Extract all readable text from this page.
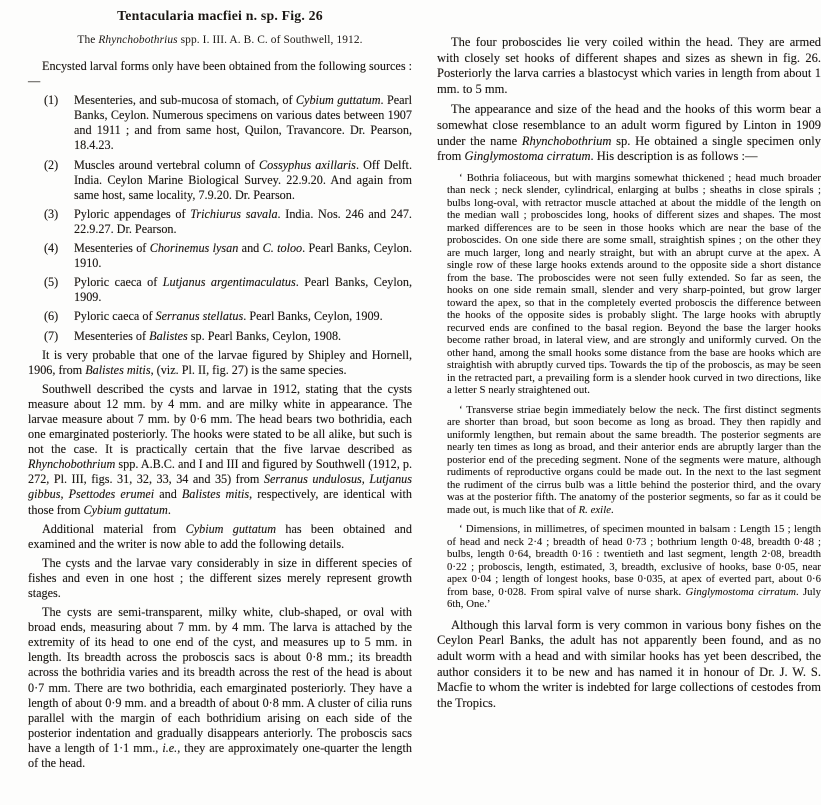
Tentacularia macfiei n. sp. Fig. 26

The Rhynchobothrius spp. I. III. A. B. C. of Southwell, 1912.

Encysted larval forms only have been obtained from the following sources :—

(1)	Mesenteries, and sub-mucosa of stomach, of Cybium guttatum. Pearl Banks, Ceylon. Numerous specimens on various dates between 1907 and 1911 ; and from same host, Quilon, Travancore. Dr. Pearson, 18.4.23.
(2)	Muscles around vertebral column of Cossyphus axillaris. Off Delft. India. Ceylon Marine Biological Survey. 22.9.20. And again from same host, same locality, 7.9.20. Dr. Pearson.
(3)	Pyloric appendages of Trichiurus savala. India. Nos. 246 and 247. 22.9.27. Dr. Pearson.
(4)	Mesenteries of Chorinemus lysan and C. toloo. Pearl Banks, Ceylon. 1910.
(5)	Pyloric caeca of Lutjanus argentimaculatus. Pearl Banks, Ceylon, 1909.
(6)	Pyloric caeca of Serranus stellatus. Pearl Banks, Ceylon, 1909.
(7)	Mesenteries of Balistes sp. Pearl Banks, Ceylon, 1908.

It is very probable that one of the larvae figured by Shipley and Hornell, 1906, from Balistes mitis, (viz. Pl. II, fig. 27) is the same species.

Southwell described the cysts and larvae in 1912, stating that the cysts measure about 12 mm. by 4 mm. and are milky white in appearance. The larvae measure about 7 mm. by 0·6 mm. The head bears two bothridia, each one emarginated posteriorly. The hooks were stated to be all alike, but such is not the case. It is practically certain that the five larvae described as Rhynchobothrium spp. A.B.C. and I and III and figured by Southwell (1912, p. 272, Pl. III, figs. 31, 32, 33, 34 and 35) from Serranus undulosus, Lutjanus gibbus, Psettodes erumei and Balistes mitis, respectively, are identical with those from Cybium guttatum.

Additional material from Cybium guttatum has been obtained and examined and the writer is now able to add the following details.

The cysts and the larvae vary considerably in size in different species of fishes and even in one host ; the different sizes merely represent growth stages.

The cysts are semi-transparent, milky white, club-shaped, or oval with broad ends, measuring about 7 mm. by 4 mm. The larva is attached by the extremity of its head to one end of the cyst, and measures up to 5 mm. in length. Its breadth across the proboscis sacs is about 0·8 mm.; its breadth across the bothridia varies and its breadth across the rest of the head is about 0·7 mm. There are two bothridia, each emarginated posteriorly. They have a length of about 0·9 mm. and a breadth of about 0·8 mm. A cluster of cilia runs parallel with the margin of each bothridium arising on each side of the posterior indentation and gradually disappears anteriorly. The proboscis sacs have a length of 1·1 mm., i.e., they are approximately one-quarter the length of the head.

The four proboscides lie very coiled within the head. They are armed with closely set hooks of different shapes and sizes as shewn in fig. 26. Posteriorly the larva carries a blastocyst which varies in length from about 1 mm. to 5 mm.

The appearance and size of the head and the hooks of this worm bear a somewhat close resemblance to an adult worm figured by Linton in 1909 under the name Rhynchobothrium sp. He obtained a single specimen only from Ginglymostoma cirratum. His description is as follows :—

‘ Bothria foliaceous, but with margins somewhat thickened ; head much broader than neck ; neck slender, cylindrical, enlarging at bulbs ; sheaths in close spirals ; bulbs long-oval, with retractor muscle attached at about the middle of the length on the median wall ; proboscides long, hooks of different sizes and shapes. The most marked differences are to be seen in those hooks which are near the base of the proboscides. On one side there are some small, straightish spines ; on the other they are much larger, long and nearly straight, but with an abrupt curve at the apex. A single row of these large hooks extends around to the opposite side a short distance from the base. The proboscides were not seen fully extended. So far as seen, the hooks on one side remain small, slender and very sharp-pointed, but grow larger toward the apex, so that in the completely everted proboscis the difference between the hooks of the opposite sides is probably slight. The large hooks with abruptly recurved ends are confined to the basal region. Beyond the base the larger hooks become rather broad, in lateral view, and are strongly and uniformly curved. On the other hand, among the small hooks some distance from the base are hooks which are straightish with abruptly curved tips. Towards the tip of the proboscis, as may be seen in the retracted part, a prevailing form is a slender hook curved in two directions, like a letter S nearly straightened out.

‘ Transverse striae begin immediately below the neck. The first distinct segments are shorter than broad, but soon become as long as broad. They then rapidly and uniformly lengthen, but remain about the same breadth. The posterior segments are nearly ten times as long as broad, and their anterior ends are abruptly larger than the posterior end of the preceding segment. None of the segments were mature, although rudiments of reproductive organs could be made out. In the next to the last segment the rudiment of the cirrus bulb was a little behind the posterior third, and the ovary was at the posterior fifth. The anatomy of the posterior segments, so far as it could be made out, is much like that of R. exile.

‘ Dimensions, in millimetres, of specimen mounted in balsam : Length 15 ; length of head and neck 2·4 ; breadth of head 0·73 ; bothrium length 0·48, breadth 0·48 ; bulbs, length 0·64, breadth 0·16 : twentieth and last segment, length 2·08, breadth 0·22 ; proboscis, length, estimated, 3, breadth, exclusive of hooks, base 0·05, near apex 0·04 ; length of longest hooks, base 0·035, at apex of everted part, about 0·6 from base, 0·028. From spiral valve of nurse shark. Ginglymostoma cirratum. July 6th, One.’

Although this larval form is very common in various bony fishes on the Ceylon Pearl Banks, the adult has not apparently been found, and as no adult worm with a head and with similar hooks has yet been described, the author considers it to be new and has named it in honour of Dr. J. W. S. Macfie to whom the writer is indebted for large collections of cestodes from the Tropics.
